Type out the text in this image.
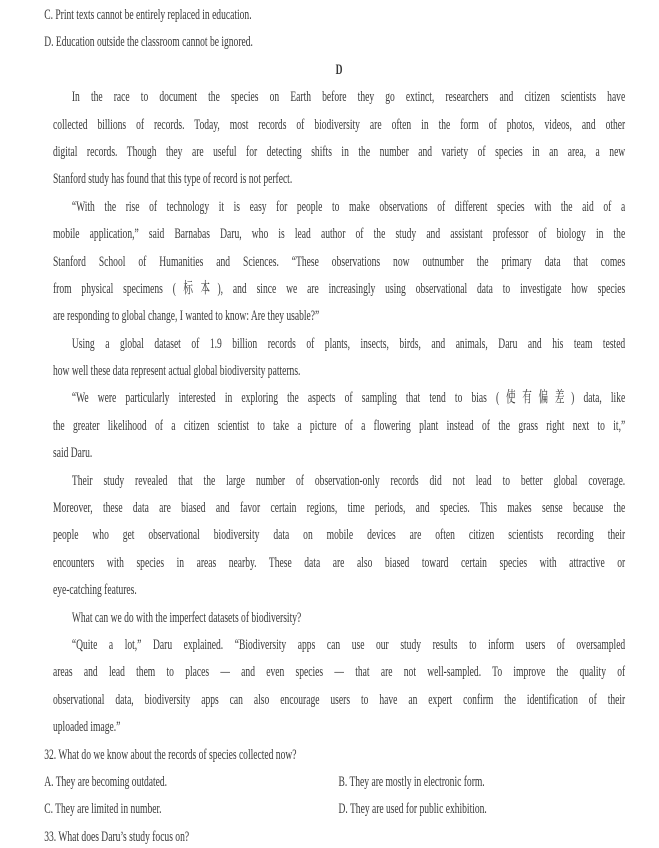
C. Print texts cannot be entirely replaced in education.
D. Education outside the classroom cannot be ignored.
D
In the race to document the species on Earth before they go extinct, researchers and citizen scientists have
collected billions of records. Today, most records of biodiversity are often in the form of photos, videos, and other
digital records. Though they are useful for detecting shifts in the number and variety of species in an area, a new
Stanford study has found that this type of record is not perfect.
“With the rise of technology it is easy for people to make observations of different species with the aid of a
mobile application,” said Barnabas Daru, who is lead author of the study and assistant professor of biology in the
Stanford School of Humanities and Sciences. “These observations now outnumber the primary data that comes
from physical specimens (标本), and since we are increasingly using observational data to investigate how species
are responding to global change, I wanted to know: Are they usable?”
Using a global dataset of 1.9 billion records of plants, insects, birds, and animals, Daru and his team tested
how well these data represent actual global biodiversity patterns.
“We were particularly interested in exploring the aspects of sampling that tend to bias (使有偏差) data, like
the greater likelihood of a citizen scientist to take a picture of a flowering plant instead of the grass right next to it,”
said Daru.
Their study revealed that the large number of observation-only records did not lead to better global coverage.
Moreover, these data are biased and favor certain regions, time periods, and species. This makes sense because the
people who get observational biodiversity data on mobile devices are often citizen scientists recording their
encounters with species in areas nearby. These data are also biased toward certain species with attractive or
eye-catching features.
What can we do with the imperfect datasets of biodiversity?
“Quite a lot,” Daru explained. “Biodiversity apps can use our study results to inform users of oversampled
areas and lead them to places — and even species — that are not well-sampled. To improve the quality of
observational data, biodiversity apps can also encourage users to have an expert confirm the identification of their
uploaded image.”
32. What do we know about the records of species collected now?
A. They are becoming outdated.	B. They are mostly in electronic form.
C. They are limited in number.	D. They are used for public exhibition.
33. What does Daru’s study focus on?
